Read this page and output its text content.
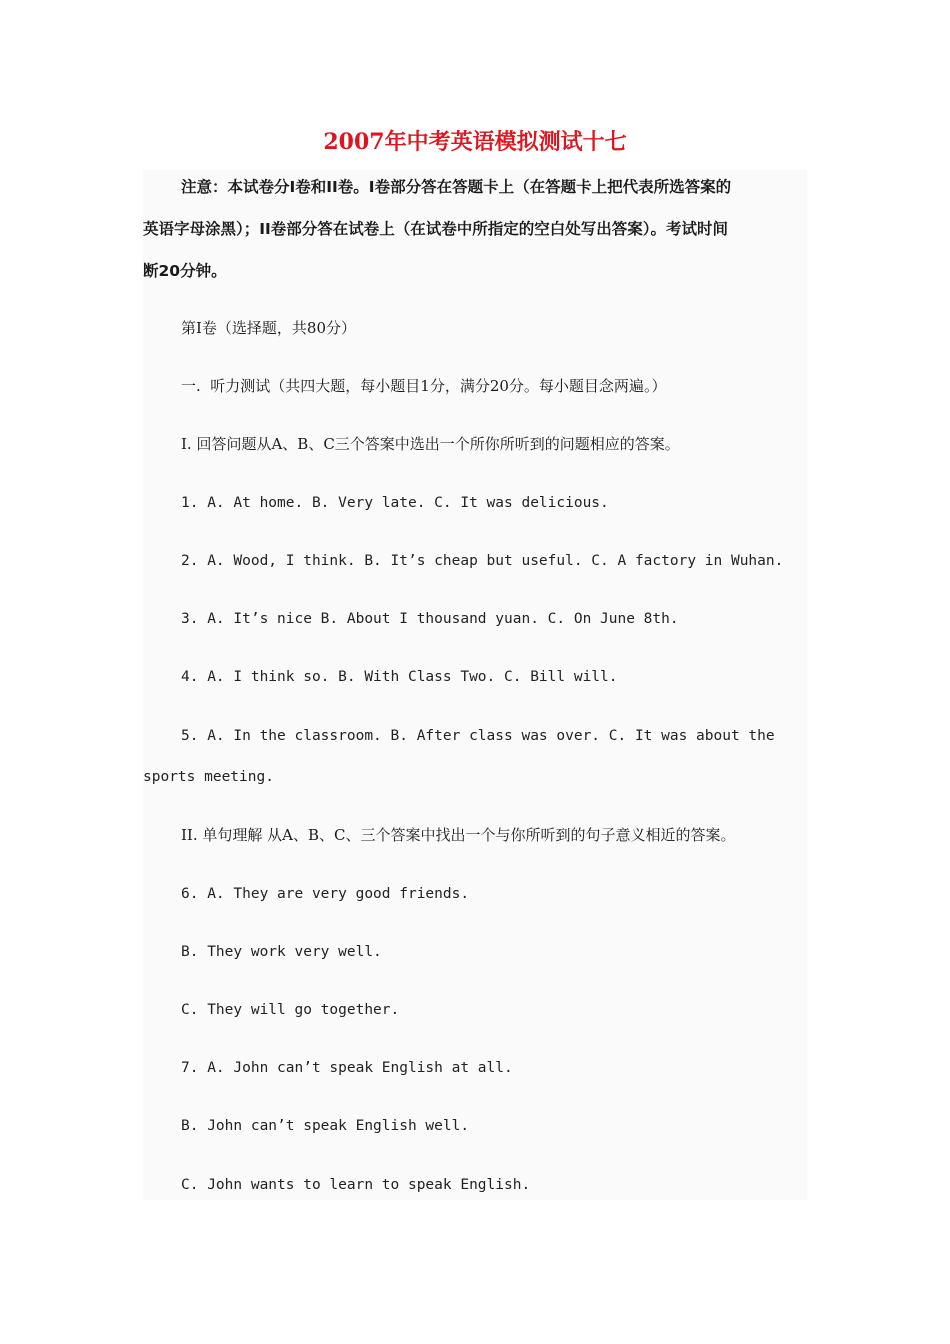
2007年中考英语模拟测试十七
注意：本试卷分I卷和II卷。I卷部分答在答题卡上（在答题卡上把代表所选答案的
英语字母涂黑）；II卷部分答在试卷上（在试卷中所指定的空白处写出答案）。考试时间
断20分钟。
第I卷（选择题，共80分）
一.  听力测试（共四大题，每小题目1分，满分20分。每小题目念两遍。）
I. 回答问题从A、B、C三个答案中选出一个所你所听到的问题相应的答案。
1. A. At home. B. Very late. C. It was delicious.
2. A. Wood, I think. B. It’s cheap but useful. C. A factory in Wuhan.
3. A. It’s nice B. About I thousand yuan. C. On June 8th.
4. A. I think so. B. With Class Two. C. Bill will.
5. A. In the classroom. B. After class was over. C. It was about the
sports meeting.
II. 单句理解 从A、B、C、三个答案中找出一个与你所听到的句子意义相近的答案。
6. A. They are very good friends.
B. They work very well.
C. They will go together.
7. A. John can’t speak English at all.
B. John can’t speak English well.
C. John wants to learn to speak English.
